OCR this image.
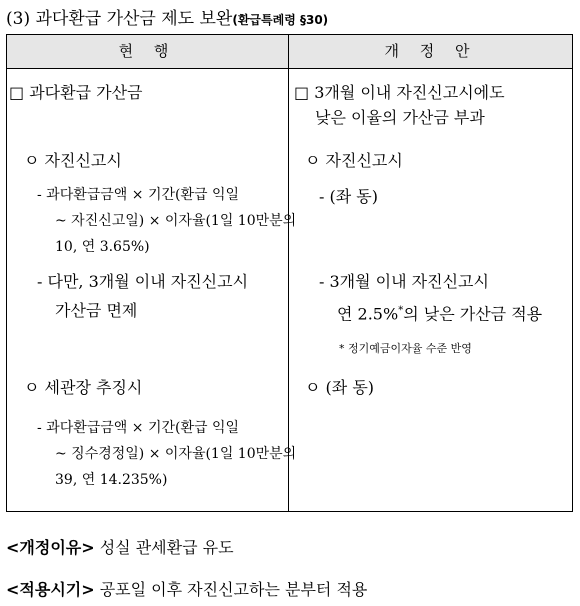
(3) 과다환급 가산금 제도 보완(환급특례령 §30)
현 행	개 정 안
□ 과다환급 가산금
ㅇ 자진신고시
- 과다환급금액 × 기간(환급 익일
~ 자진신고일) × 이자율(1일 10만분의
10, 연 3.65%)
- 다만, 3개월 이내 자진신고시
가산금 면제
ㅇ 세관장 추징시
- 과다환급금액 × 기간(환급 익일
~ 징수경정일) × 이자율(1일 10만분의
39, 연 14.235%)
□ 3개월 이내 자진신고시에도
낮은 이율의 가산금 부과
ㅇ 자진신고시
- (좌 동)
- 3개월 이내 자진신고시
연 2.5%*의 낮은 가산금 적용
* 정기예금이자율 수준 반영
ㅇ (좌 동)
<개정이유> 성실 관세환급 유도
<적용시기> 공포일 이후 자진신고하는 분부터 적용
